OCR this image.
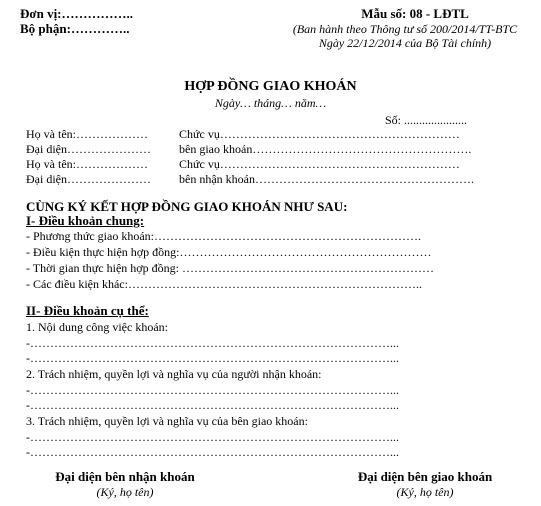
Đơn vị:……………..
Bộ phận:…………..
Mẫu số: 08 - LĐTL
(Ban hành theo Thông tư số 200/2014/TT-BTC
Ngày 22/12/2014 của Bộ Tài chính)
HỢP ĐỒNG GIAO KHOÁN
Ngày… tháng… năm…
Số: .....................
Họ và tên:………………	Chức vụ……………………………………………………
Đại diện………………… bên giao khoán……………………………………………….
Họ và tên:………………	Chức vụ……………………………………………………
Đại diện………………… bên nhận khoán……………………………………………….
CÙNG KÝ KẾT HỢP ĐỒNG GIAO KHOÁN NHƯ SAU:
I- Điều khoản chung:
- Phương thức giao khoán:………………………………………………………….
- Điều kiện thực hiện hợp đồng:………………………………………………………
- Thời gian thực hiện hợp đồng: ………………………………………………………
- Các điều kiện khác:………………………………………………………………..
II- Điều khoản cụ thể:
1. Nội dung công việc khoán:
-………………………………………………………………………………...
-………………………………………………………………………………...
2. Trách nhiệm, quyền lợi và nghĩa vụ của người nhận khoán:
-………………………………………………………………………………...
-………………………………………………………………………………...
3. Trách nhiệm, quyền lợi và nghĩa vụ của bên giao khoán:
-………………………………………………………………………………...
-………………………………………………………………………………...
Đại diện bên nhận khoán
(Ký, họ tên)
Đại diện bên giao khoán
(Ký, họ tên)
